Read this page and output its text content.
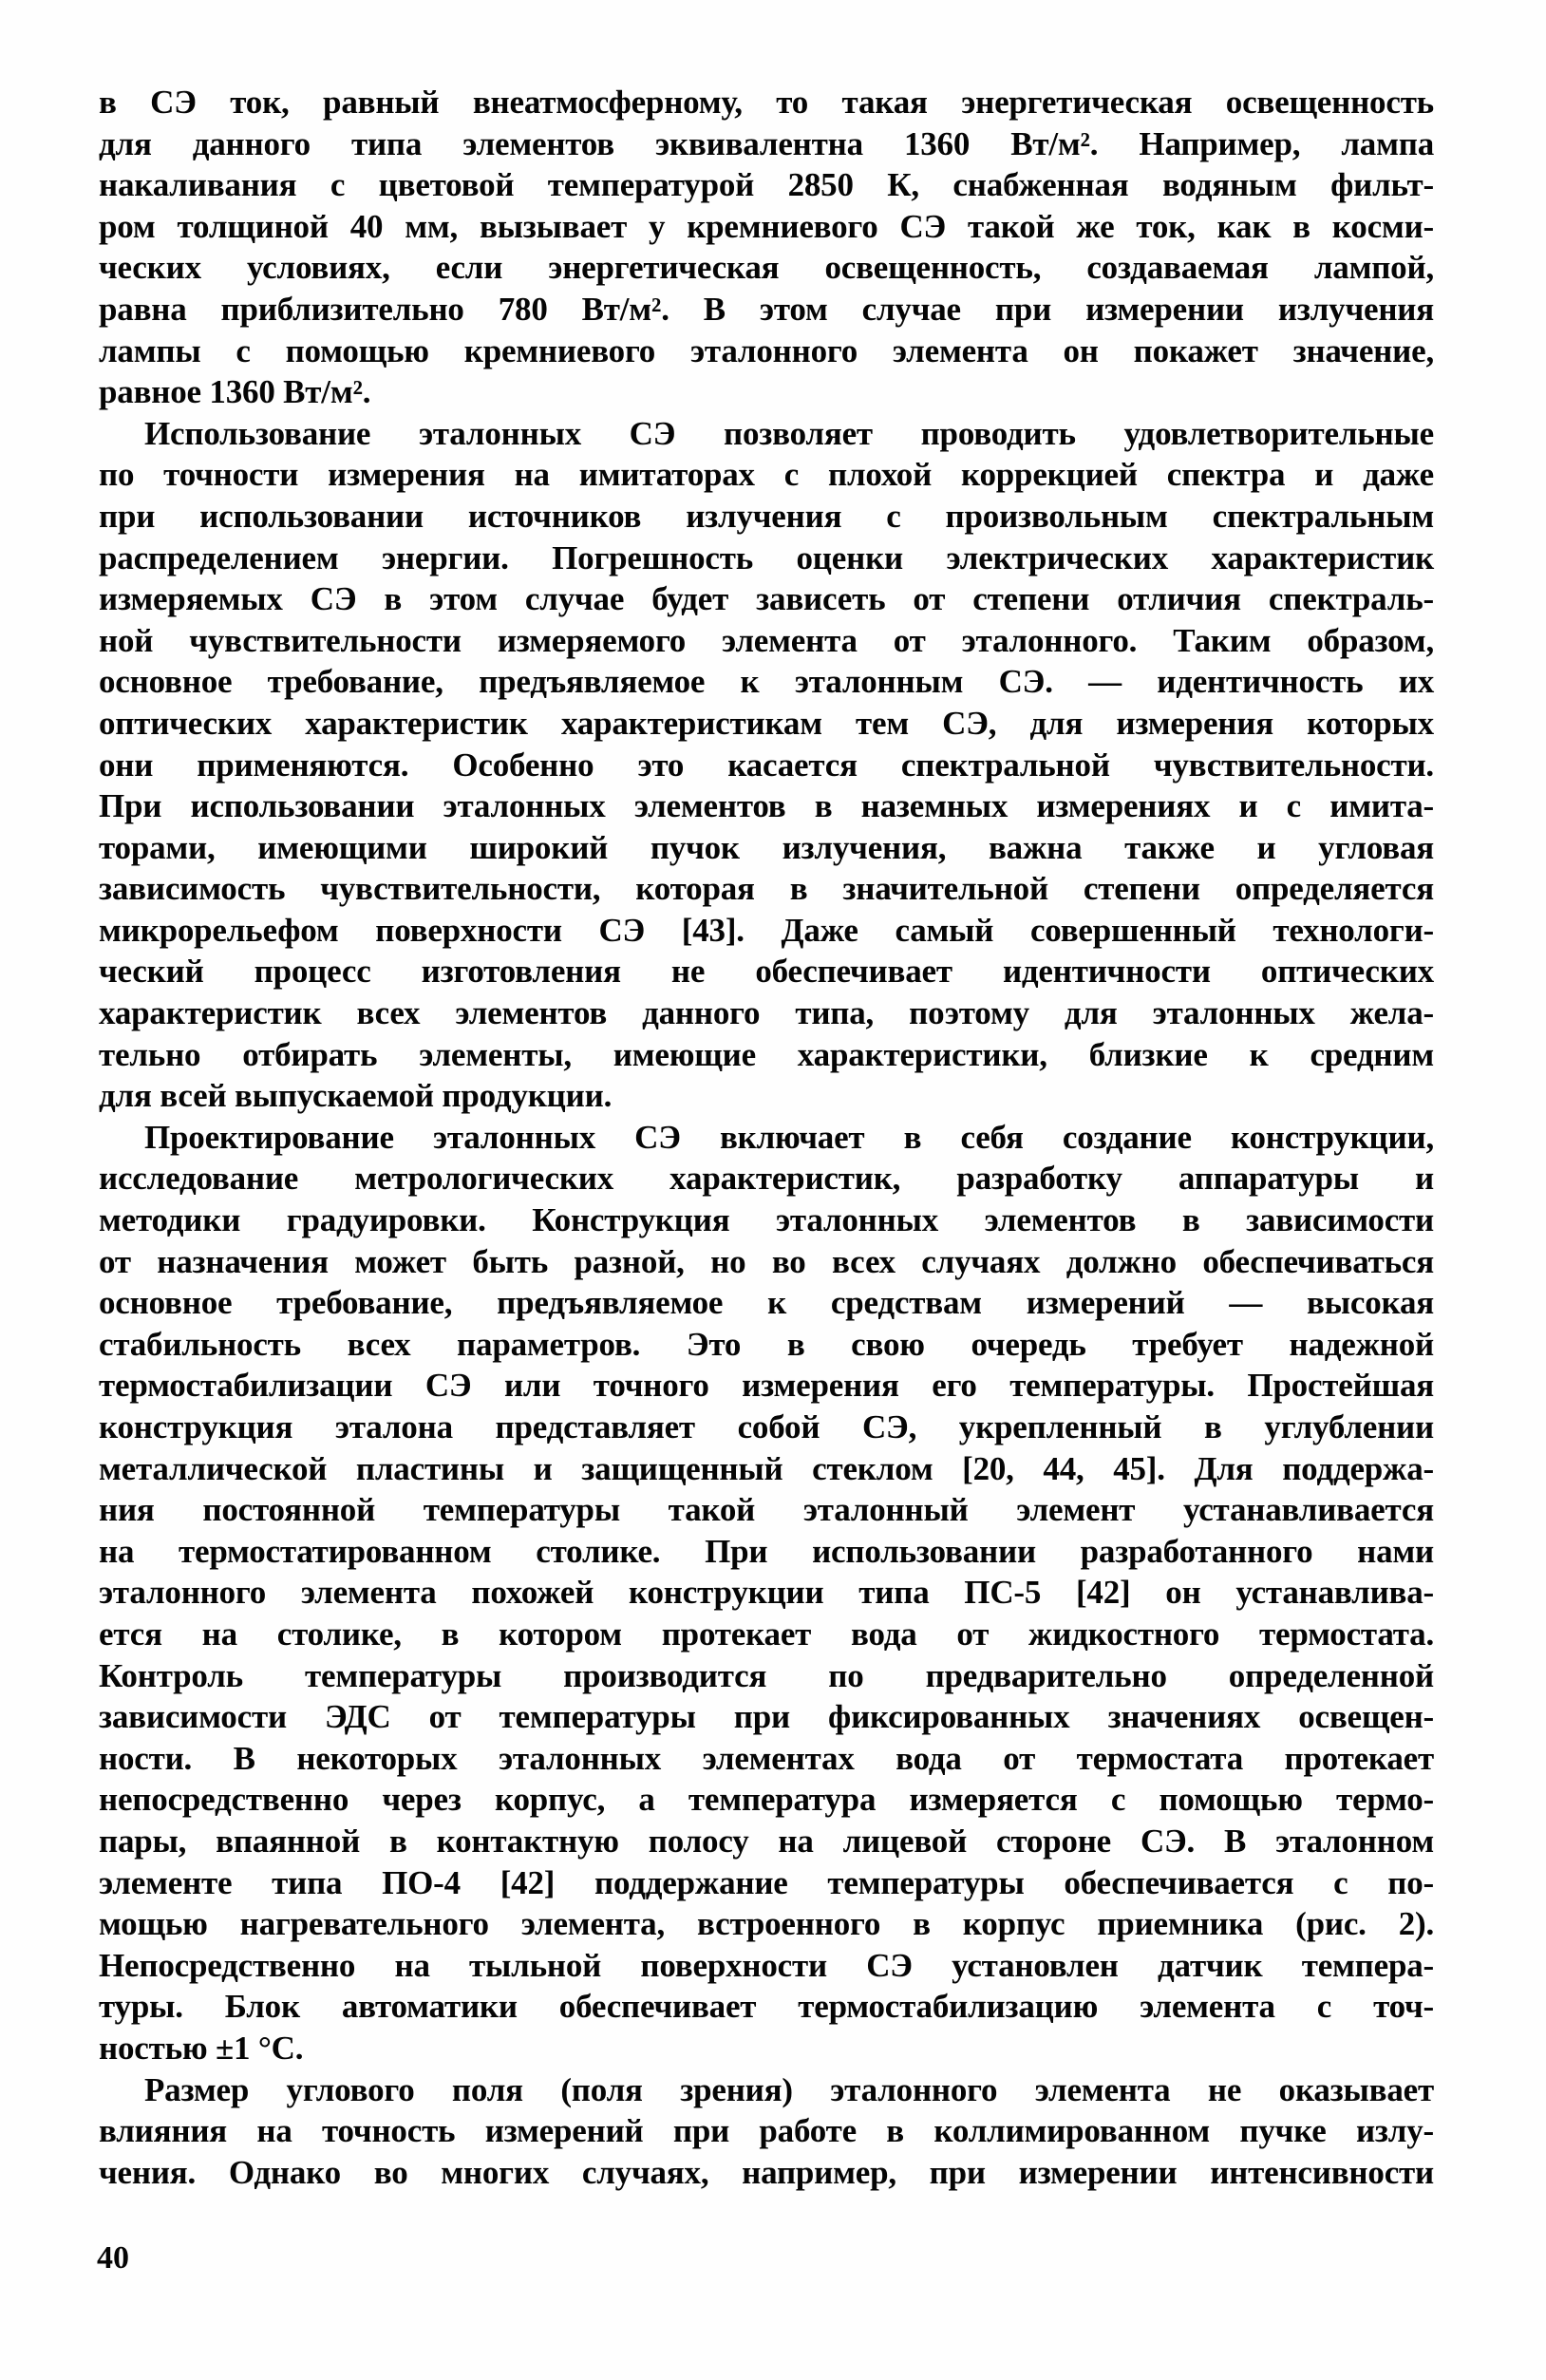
в СЭ ток, равный внеатмосферному, то такая энергетическая освещенность
для данного типа элементов эквивалентна 1360 Вт/м². Например, лампа
накаливания с цветовой температурой 2850 К, снабженная водяным фильт-
ром толщиной 40 мм, вызывает у кремниевого СЭ такой же ток, как в косми-
ческих условиях, если энергетическая освещенность, создаваемая лампой,
равна приблизительно 780 Вт/м². В этом случае при измерении излучения
лампы с помощью кремниевого эталонного элемента он покажет значение,
равное 1360 Вт/м².
Использование эталонных СЭ позволяет проводить удовлетворительные
по точности измерения на имитаторах с плохой коррекцией спектра и даже
при использовании источников излучения с произвольным спектральным
распределением энергии. Погрешность оценки электрических характеристик
измеряемых СЭ в этом случае будет зависеть от степени отличия спектраль-
ной чувствительности измеряемого элемента от эталонного. Таким образом,
основное требование, предъявляемое к эталонным СЭ. — идентичность их
оптических характеристик характеристикам тем СЭ, для измерения которых
они применяются. Особенно это касается спектральной чувствительности.
При использовании эталонных элементов в наземных измерениях и с имита-
торами, имеющими широкий пучок излучения, важна также и угловая
зависимость чувствительности, которая в значительной степени определяется
микрорельефом поверхности СЭ [43]. Даже самый совершенный технологи-
ческий процесс изготовления не обеспечивает идентичности оптических
характеристик всех элементов данного типа, поэтому для эталонных жела-
тельно отбирать элементы, имеющие характеристики, близкие к средним
для всей выпускаемой продукции.
Проектирование эталонных СЭ включает в себя создание конструкции,
исследование метрологических характеристик, разработку аппаратуры и
методики градуировки. Конструкция эталонных элементов в зависимости
от назначения может быть разной, но во всех случаях должно обеспечиваться
основное требование, предъявляемое к средствам измерений — высокая
стабильность всех параметров. Это в свою очередь требует надежной
термостабилизации СЭ или точного измерения его температуры. Простейшая
конструкция эталона представляет собой СЭ, укрепленный в углублении
металлической пластины и защищенный стеклом [20, 44, 45]. Для поддержа-
ния постоянной температуры такой эталонный элемент устанавливается
на термостатированном столике. При использовании разработанного нами
эталонного элемента похожей конструкции типа ПС-5 [42] он устанавлива-
ется на столике, в котором протекает вода от жидкостного термостата.
Контроль температуры производится по предварительно определенной
зависимости ЭДС от температуры при фиксированных значениях освещен-
ности. В некоторых эталонных элементах вода от термостата протекает
непосредственно через корпус, а температура измеряется с помощью термо-
пары, впаянной в контактную полосу на лицевой стороне СЭ. В эталонном
элементе типа ПО-4 [42] поддержание температуры обеспечивается с по-
мощью нагревательного элемента, встроенного в корпус приемника (рис. 2).
Непосредственно на тыльной поверхности СЭ установлен датчик темпера-
туры. Блок автоматики обеспечивает термостабилизацию элемента с точ-
ностью ±1 °С.
Размер углового поля (поля зрения) эталонного элемента не оказывает
влияния на точность измерений при работе в коллимированном пучке излу-
чения. Однако во многих случаях, например, при измерении интенсивности
40
